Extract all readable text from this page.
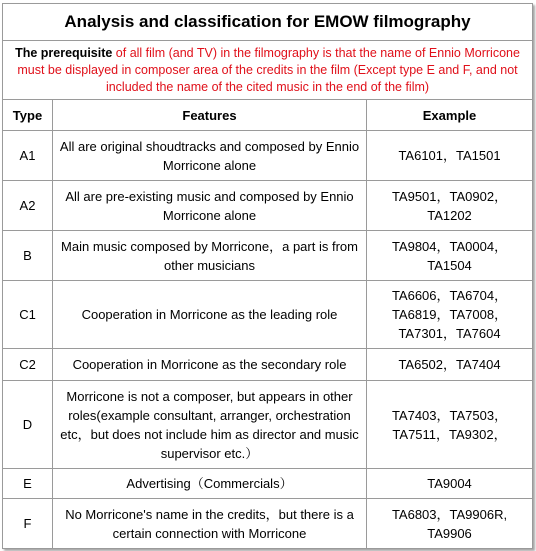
Analysis and classification for EMOW filmography		
The prerequisite of all film (and TV) in the filmography is that the name of Ennio Morricone must be displayed in composer area of the credits in the film (Except type E and F, and not included the name of the cited music in the end of the film)		
Type	Features	Example
A1	All are original shoudtracks and composed by Ennio Morricone alone	TA6101，TA1501
A2	All are pre-existing music and composed by Ennio Morricone alone	TA9501，TA0902，TA1202
B	Main music composed by Morricone，a part is from other musicians	TA9804，TA0004，TA1504
C1	Cooperation in Morricone as the leading role	TA6606，TA6704，TA6819，TA7008，TA7301，TA7604
C2	Cooperation in Morricone as the secondary role	TA6502，TA7404
D	Morricone is not a composer, but appears in other roles(example consultant, arranger, orchestration etc，but does not include him as director and music supervisor etc.）	TA7403，TA7503，TA7511，TA9302，
E	Advertising（Commercials）	TA9004
F	No Morricone's name in the credits，but there is a certain connection with Morricone	TA6803，TA9906R, TA9906
